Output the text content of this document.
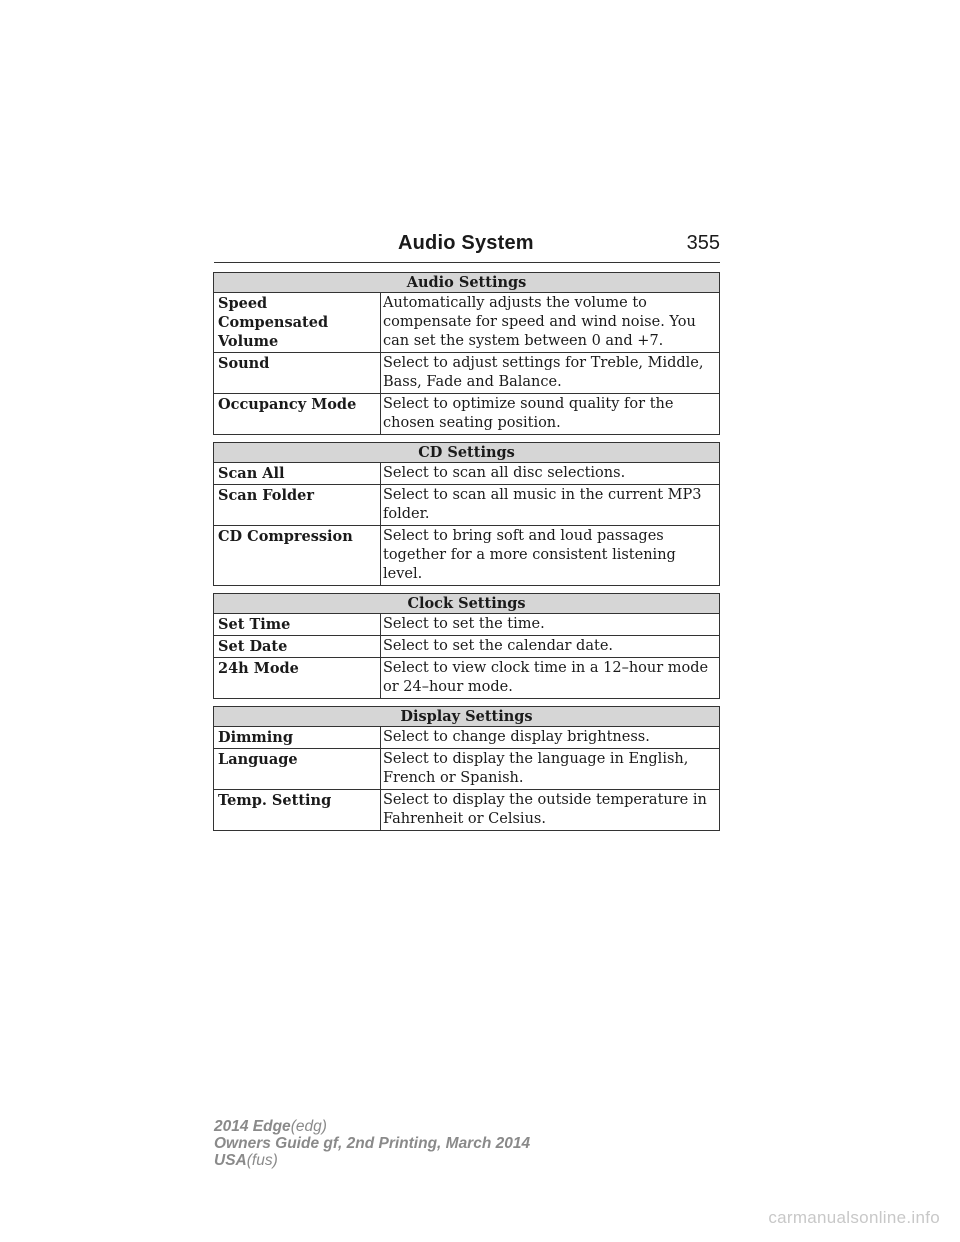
Audio System	355
Audio Settings	
Speed Compensated Volume	Automatically adjusts the volume to compensate for speed and wind noise. You can set the system between 0 and +7.
Sound	Select to adjust settings for Treble, Middle, Bass, Fade and Balance.
Occupancy Mode	Select to optimize sound quality for the chosen seating position.
CD Settings	
Scan All	Select to scan all disc selections.
Scan Folder	Select to scan all music in the current MP3 folder.
CD Compression	Select to bring soft and loud passages together for a more consistent listening level.
Clock Settings	
Set Time	Select to set the time.
Set Date	Select to set the calendar date.
24h Mode	Select to view clock time in a 12–hour mode or 24–hour mode.
Display Settings	
Dimming	Select to change display brightness.
Language	Select to display the language in English, French or Spanish.
Temp. Setting	Select to display the outside temperature in Fahrenheit or Celsius.
2014 Edge(edg)
Owners Guide gf, 2nd Printing, March 2014
USA(fus)
carmanualsonline.info
